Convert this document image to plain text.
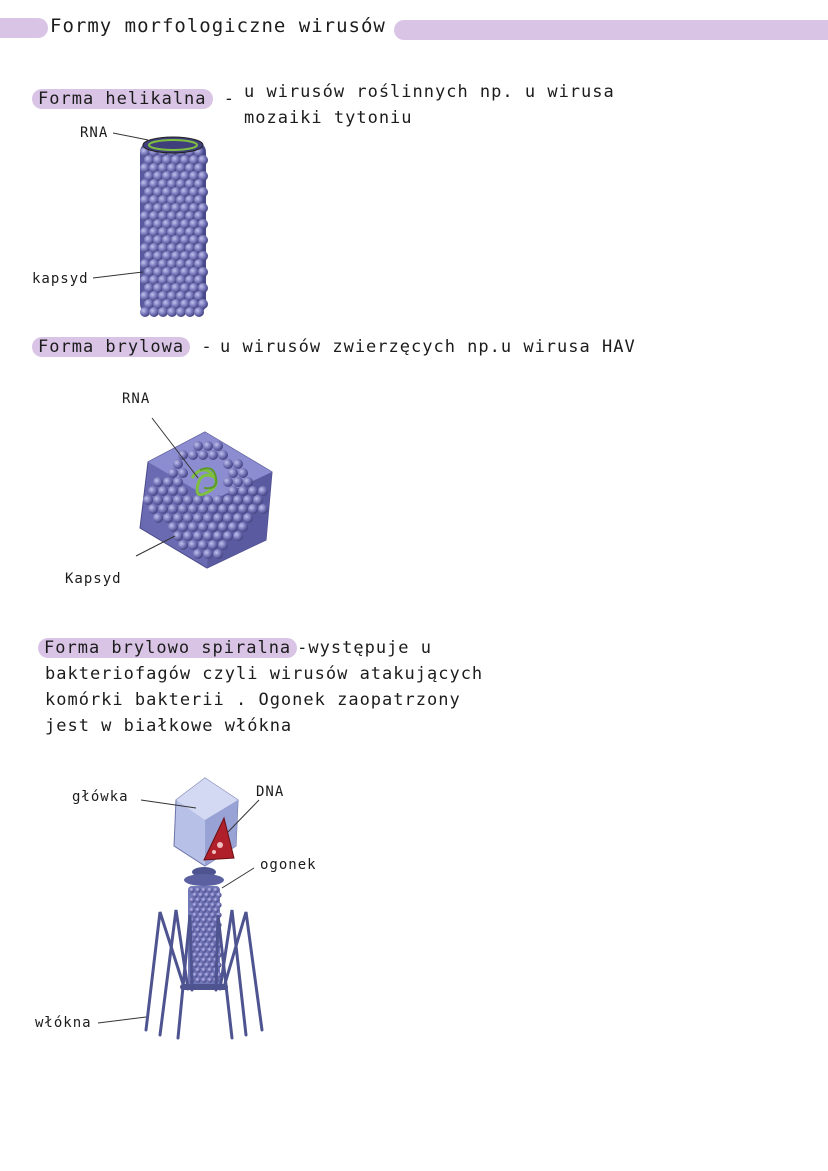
Formy morfologiczne wirusów
Forma helikalna - u wirusów roślinnych np. u wirusa
mozaiki tytoniu
RNA
kapsyd
Forma brylowa - u wirusów zwierzęcych np.u wirusa HAV
RNA
Kapsyd
Forma brylowo spiralna -występuje u
bakteriofagów czyli wirusów atakujących
komórki bakterii . Ogonek zaopatrzony
jest w białkowe włókna
główka	DNA
ogonek
włókna
